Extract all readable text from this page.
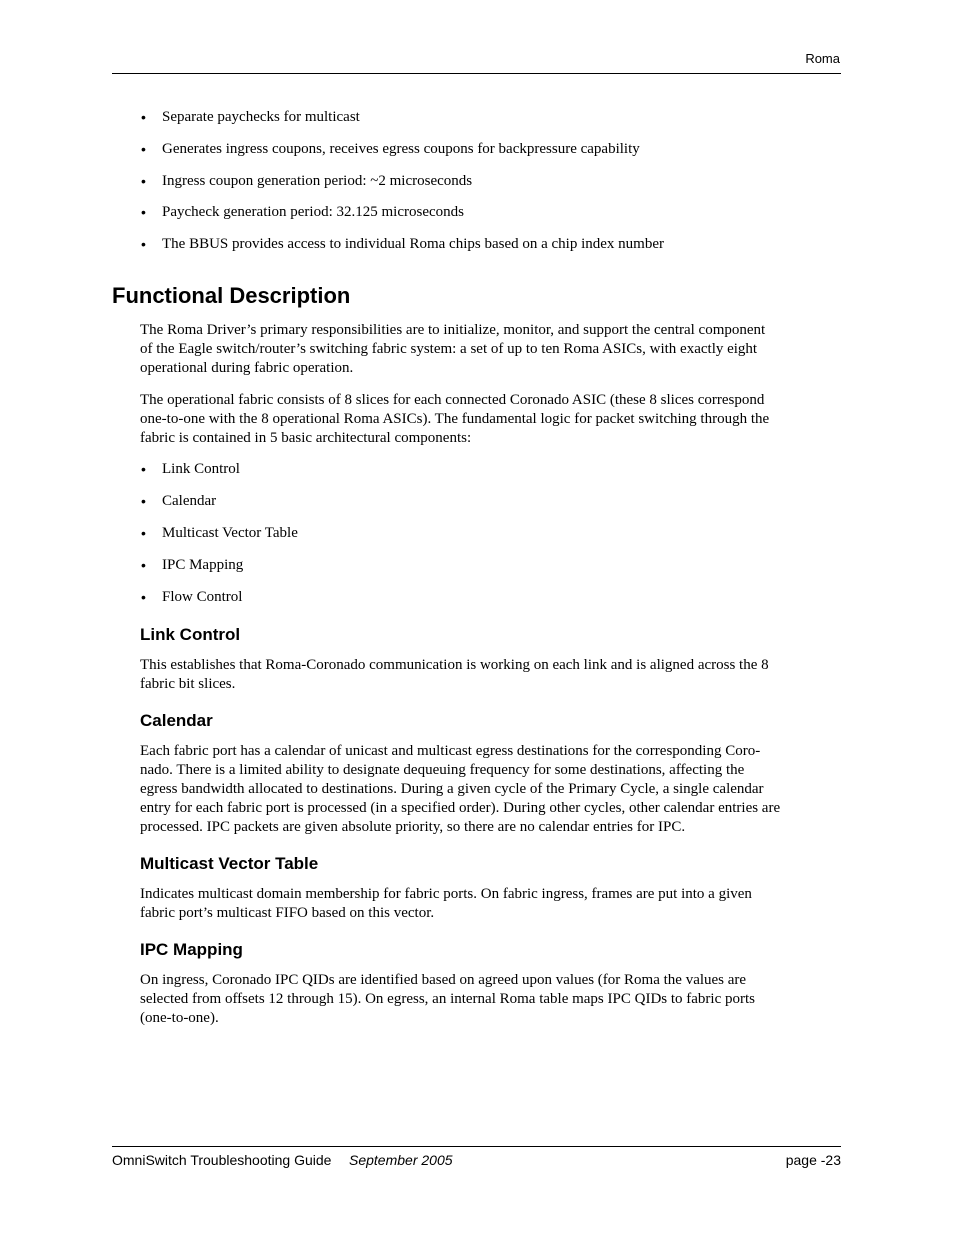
Roma
• Separate paychecks for multicast
• Generates ingress coupons, receives egress coupons for backpressure capability
• Ingress coupon generation period: ~2 microseconds
• Paycheck generation period: 32.125 microseconds
• The BBUS provides access to individual Roma chips based on a chip index number
Functional Description

The Roma Driver’s primary responsibilities are to initialize, monitor, and support the central component
of the Eagle switch/router’s switching fabric system: a set of up to ten Roma ASICs, with exactly eight
operational during fabric operation.

The operational fabric consists of 8 slices for each connected Coronado ASIC (these 8 slices correspond
one-to-one with the 8 operational Roma ASICs). The fundamental logic for packet switching through the
fabric is contained in 5 basic architectural components:

• Link Control
• Calendar
• Multicast Vector Table
• IPC Mapping
• Flow Control
Link Control

This establishes that Roma-Coronado communication is working on each link and is aligned across the 8
fabric bit slices.

Calendar

Each fabric port has a calendar of unicast and multicast egress destinations for the corresponding Coro-
nado. There is a limited ability to designate dequeuing frequency for some destinations, affecting the
egress bandwidth allocated to destinations. During a given cycle of the Primary Cycle, a single calendar
entry for each fabric port is processed (in a specified order). During other cycles, other calendar entries are
processed. IPC packets are given absolute priority, so there are no calendar entries for IPC.

Multicast Vector Table

Indicates multicast domain membership for fabric ports. On fabric ingress, frames are put into a given
fabric port’s multicast FIFO based on this vector.

IPC Mapping

On ingress, Coronado IPC QIDs are identified based on agreed upon values (for Roma the values are
selected from offsets 12 through 15). On egress, an internal Roma table maps IPC QIDs to fabric ports
(one-to-one).

OmniSwitch Troubleshooting Guide September 2005	page -23
